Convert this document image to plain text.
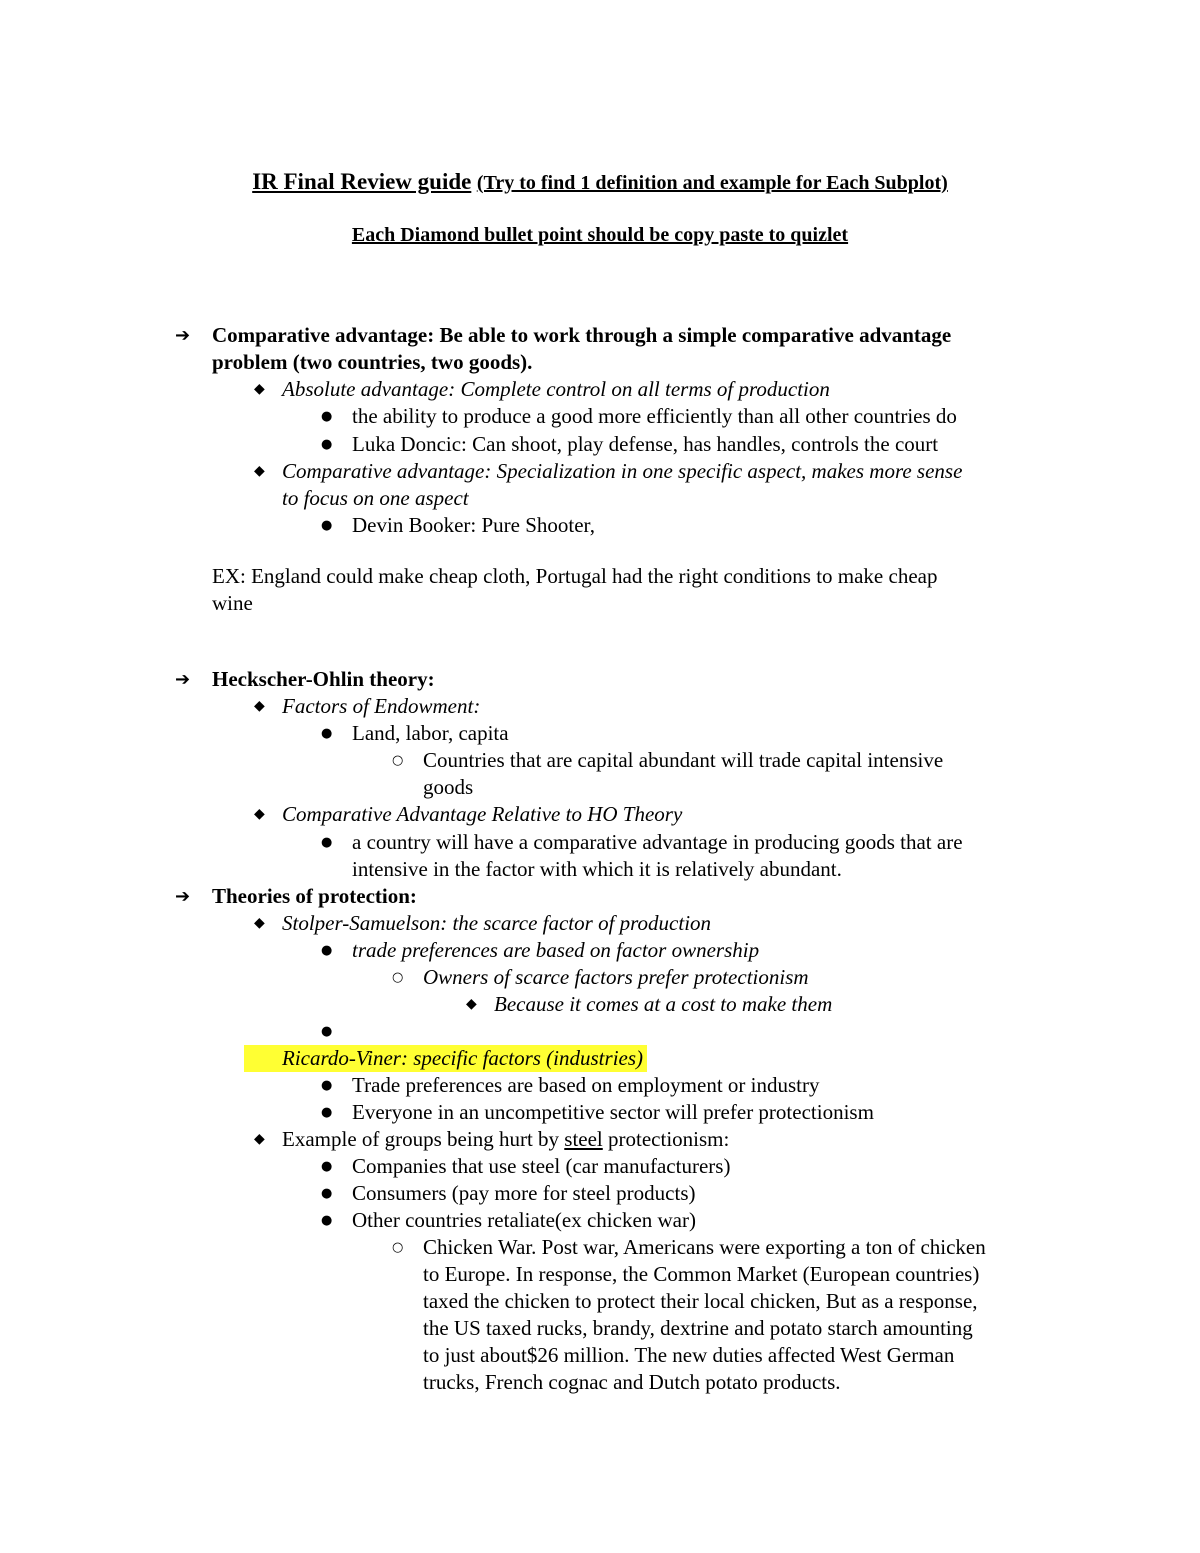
IR Final Review guide (Try to find 1 definition and example for Each Subplot)
Each Diamond bullet point should be copy paste to quizlet
➔ Comparative advantage: Be able to work through a simple comparative advantage
problem (two countries, two goods).
◆ Absolute advantage: Complete control on all terms of production
● the ability to produce a good more efficiently than all other countries do
● Luka Doncic: Can shoot, play defense, has handles, controls the court
◆ Comparative advantage: Specialization in one specific aspect, makes more sense
to focus on one aspect
● Devin Booker: Pure Shooter,
EX: England could make cheap cloth, Portugal had the right conditions to make cheap
wine
➔ Heckscher-Ohlin theory:
◆ Factors of Endowment:
● Land, labor, capita
○ Countries that are capital abundant will trade capital intensive
goods
◆ Comparative Advantage Relative to HO Theory
● a country will have a comparative advantage in producing goods that are
intensive in the factor with which it is relatively abundant.
➔ Theories of protection:
◆ Stolper-Samuelson: the scarce factor of production
● trade preferences are based on factor ownership
○ Owners of scarce factors prefer protectionism
◆ Because it comes at a cost to make them
●
Ricardo-Viner: specific factors (industries)
● Trade preferences are based on employment or industry
● Everyone in an uncompetitive sector will prefer protectionism
◆ Example of groups being hurt by steel protectionism:
● Companies that use steel (car manufacturers)
● Consumers (pay more for steel products)
● Other countries retaliate(ex chicken war)
○ Chicken War. Post war, Americans were exporting a ton of chicken
to Europe. In response, the Common Market (European countries)
taxed the chicken to protect their local chicken, But as a response,
the US taxed rucks, brandy, dextrine and potato starch amounting
to just about$26 million. The new duties affected West German
trucks, French cognac and Dutch potato products.
